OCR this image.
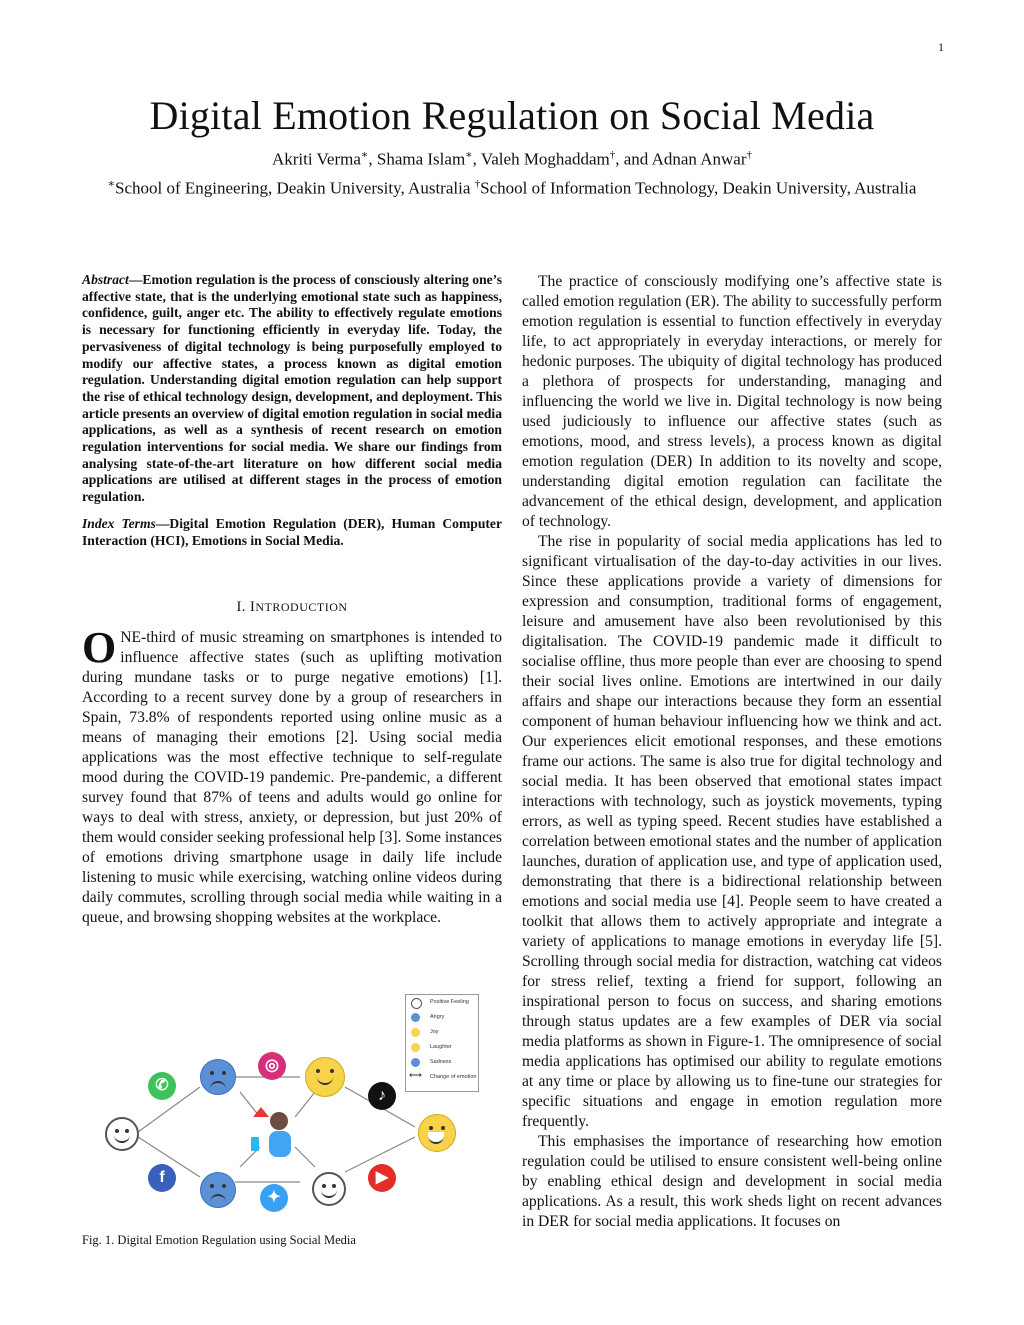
1
Digital Emotion Regulation on Social Media
Akriti Verma∗, Shama Islam∗, Valeh Moghaddam†, and Adnan Anwar†
∗School of Engineering, Deakin University, Australia †School of Information Technology, Deakin University, Australia

Abstract—Emotion regulation is the process of consciously altering one’s affective state, that is the underlying emotional state such as happiness, confidence, guilt, anger etc. The ability to effectively regulate emotions is necessary for functioning efficiently in everyday life. Today, the pervasiveness of digital technology is being purposefully employed to modify our affective states, a process known as digital emotion regulation. Understanding digital emotion regulation can help support the rise of ethical technology design, development, and deployment. This article presents an overview of digital emotion regulation in social media applications, as well as a synthesis of recent research on emotion regulation interventions for social media. We share our findings from analysing state-of-the-art literature on how different social media applications are utilised at different stages in the process of emotion regulation.

Index Terms—Digital Emotion Regulation (DER), Human Computer Interaction (HCI), Emotions in Social Media.

I. INTRODUCTION

ONE-third of music streaming on smartphones is intended to influence affective states (such as uplifting motivation during mundane tasks or to purge negative emotions) [1]. According to a recent survey done by a group of researchers in Spain, 73.8% of respondents reported using online music as a means of managing their emotions [2]. Using social media applications was the most effective technique to self-regulate mood during the COVID-19 pandemic. Pre-pandemic, a different survey found that 87% of teens and adults would go online for ways to deal with stress, anxiety, or depression, but just 20% of them would consider seeking professional help [3]. Some instances of emotions driving smartphone usage in daily life include listening to music while exercising, watching online videos during daily commutes, scrolling through social media while waiting in a queue, and browsing shopping websites at the workplace.

The practice of consciously modifying one’s affective state is called emotion regulation (ER). The ability to successfully perform emotion regulation is essential to function effectively in everyday life, to act appropriately in everyday interactions, or merely for hedonic purposes. The ubiquity of digital technology has produced a plethora of prospects for understanding, managing and influencing the world we live in. Digital technology is now being used judiciously to influence our affective states (such as emotions, mood, and stress levels), a process known as digital emotion regulation (DER) In addition to its novelty and scope, understanding digital emotion regulation can facilitate the advancement of the ethical design, development, and application of technology.

The rise in popularity of social media applications has led to significant virtualisation of the day-to-day activities in our lives. Since these applications provide a variety of dimensions for expression and consumption, traditional forms of engagement, leisure and amusement have also been revolutionised by this digitalisation. The COVID-19 pandemic made it difficult to socialise offline, thus more people than ever are choosing to spend their social lives online. Emotions are intertwined in our daily affairs and shape our interactions because they form an essential component of human behaviour influencing how we think and act. Our experiences elicit emotional responses, and these emotions frame our actions. The same is also true for digital technology and social media. It has been observed that emotional states impact interactions with technology, such as joystick movements, typing errors, as well as typing speed. Recent studies have established a correlation between emotional states and the number of application launches, duration of application use, and type of application used, demonstrating that there is a bidirectional relationship between emotions and social media use [4]. People seem to have created a toolkit that allows them to actively appropriate and integrate a variety of applications to manage emotions in everyday life [5]. Scrolling through social media for distraction, watching cat videos for stress relief, texting a friend for support, following an inspirational person to focus on success, and sharing emotions through status updates are a few examples of DER via social media platforms as shown in Figure-1. The omnipresence of social media applications has optimised our ability to regulate emotions at any time or place by allowing us to fine-tune our strategies for specific situations and engage in emotion regulation more frequently.

This emphasises the importance of researching how emotion regulation could be utilised to ensure consistent well-being online by enabling ethical design and development in social media applications. As a result, this work sheds light on recent advances in DER for social media applications. It focuses on

✆
◎
♪
f
✦
▶
Positive Feeling
Angry
Joy
Laughter
Sadness
⟷ Change of emotion
Fig. 1. Digital Emotion Regulation using Social Media
